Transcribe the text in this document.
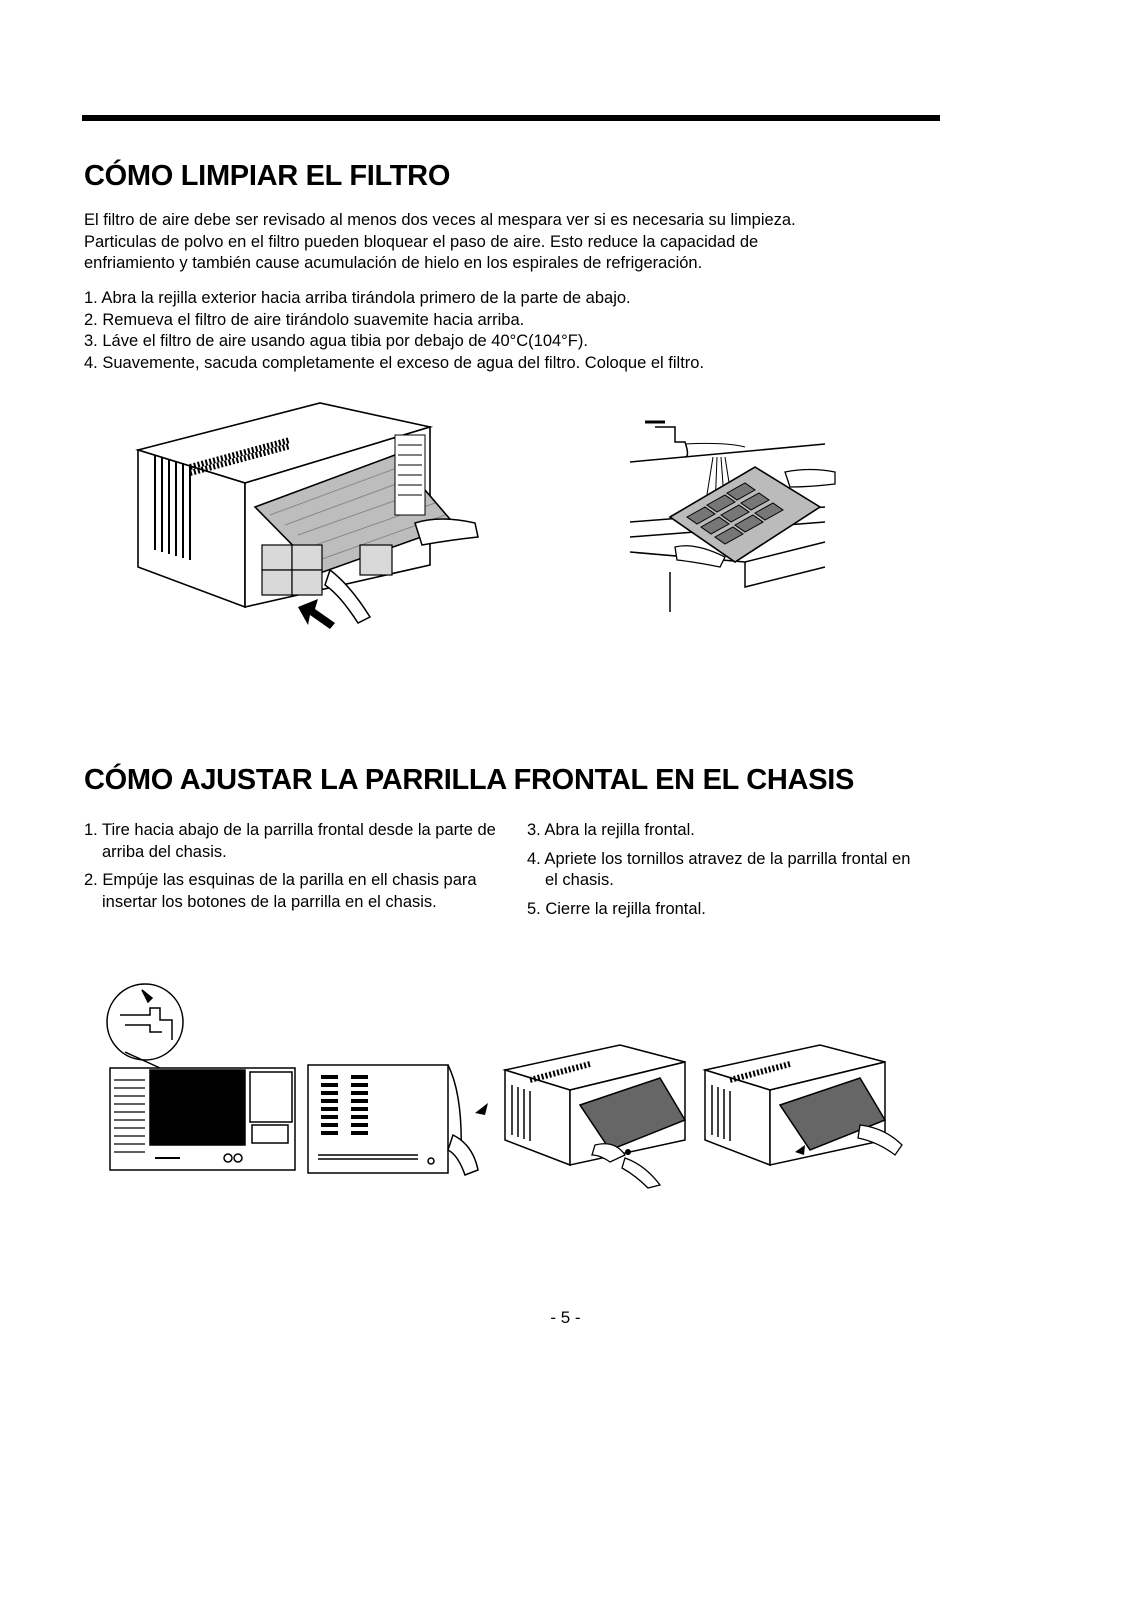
CÓMO LIMPIAR EL FILTRO

El filtro de aire debe ser revisado al menos dos veces al mespara ver si es necesaria su limpieza.
Particulas de polvo en el filtro pueden bloquear el paso de aire. Esto reduce la capacidad de
enfriamiento y también cause acumulación de hielo en los espirales de refrigeración.

1. Abra la rejilla exterior hacia arriba tirándola primero de la parte de abajo.
2. Remueva el filtro de aire tirándolo suavemite hacia arriba.
3. Láve el filtro de aire usando agua tibia por debajo de 40°C(104°F).
4. Suavemente, sacuda completamente el exceso de agua del filtro. Coloque el filtro.
CÓMO AJUSTAR LA PARRILLA FRONTAL EN EL CHASIS
1. Tire hacia abajo de la parrilla frontal desde la parte de arriba del chasis.
2. Empúje las esquinas de la parilla en ell chasis para insertar los botones de la parrilla en el chasis.
3. Abra la rejilla frontal.
4. Apriete los tornillos atravez de la parrilla frontal en el chasis.
5. Cierre la rejilla frontal.
- 5 -
